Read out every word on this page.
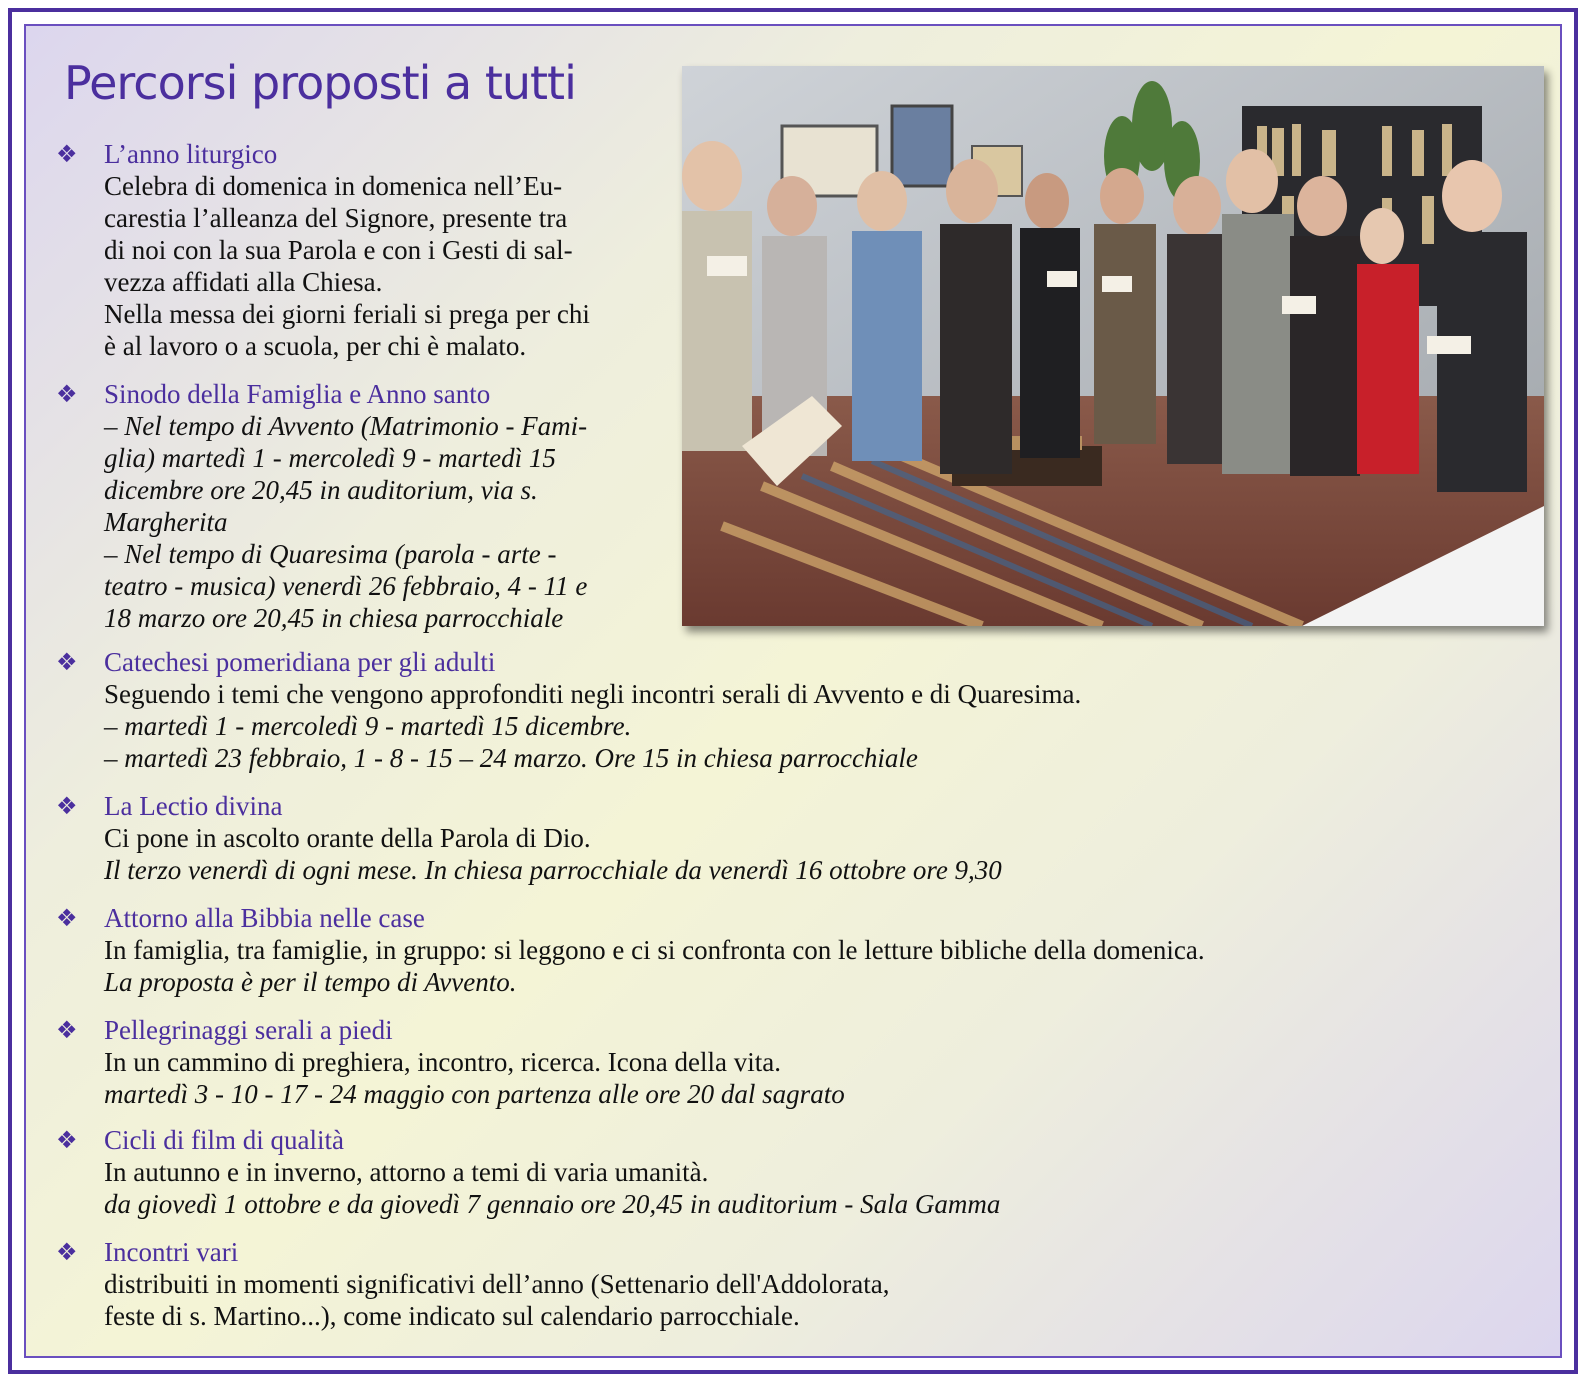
Percorsi proposti a tutti
❖ L’anno liturgico
Celebra di domenica in domenica nell’Eu-
carestia l’alleanza del Signore, presente tra
di noi con la sua Parola e con i Gesti di sal-
vezza affidati alla Chiesa.
Nella messa dei giorni feriali si prega per chi
è al lavoro o a scuola, per chi è malato.
❖ Sinodo della Famiglia e Anno santo
– Nel tempo di Avvento (Matrimonio - Fami-
glia) martedì 1 - mercoledì 9 - martedì 15
dicembre ore 20,45 in auditorium, via s.
Margherita
– Nel tempo di Quaresima (parola - arte -
teatro - musica) venerdì 26 febbraio, 4 - 11 e
18 marzo ore 20,45 in chiesa parrocchiale
❖ Catechesi pomeridiana per gli adulti
Seguendo i temi che vengono approfonditi negli incontri serali di Avvento e di Quaresima.
– martedì 1 - mercoledì 9 - martedì 15 dicembre.
– martedì 23 febbraio, 1 - 8 - 15 – 24 marzo. Ore 15 in chiesa parrocchiale
❖ La Lectio divina
Ci pone in ascolto orante della Parola di Dio.
Il terzo venerdì di ogni mese. In chiesa parrocchiale da venerdì 16 ottobre ore 9,30
❖ Attorno alla Bibbia nelle case
In famiglia, tra famiglie, in gruppo: si leggono e ci si confronta con le letture bibliche della domenica.
La proposta è per il tempo di Avvento.
❖ Pellegrinaggi serali a piedi
In un cammino di preghiera, incontro, ricerca. Icona della vita.
martedì 3 - 10 - 17 - 24 maggio con partenza alle ore 20 dal sagrato
❖ Cicli di film di qualità
In autunno e in inverno, attorno a temi di varia umanità.
da giovedì 1 ottobre e da giovedì 7 gennaio ore 20,45 in auditorium - Sala Gamma
❖ Incontri vari
distribuiti in momenti significativi dell’anno (Settenario dell'Addolorata,
feste di s. Martino...), come indicato sul calendario parrocchiale.
